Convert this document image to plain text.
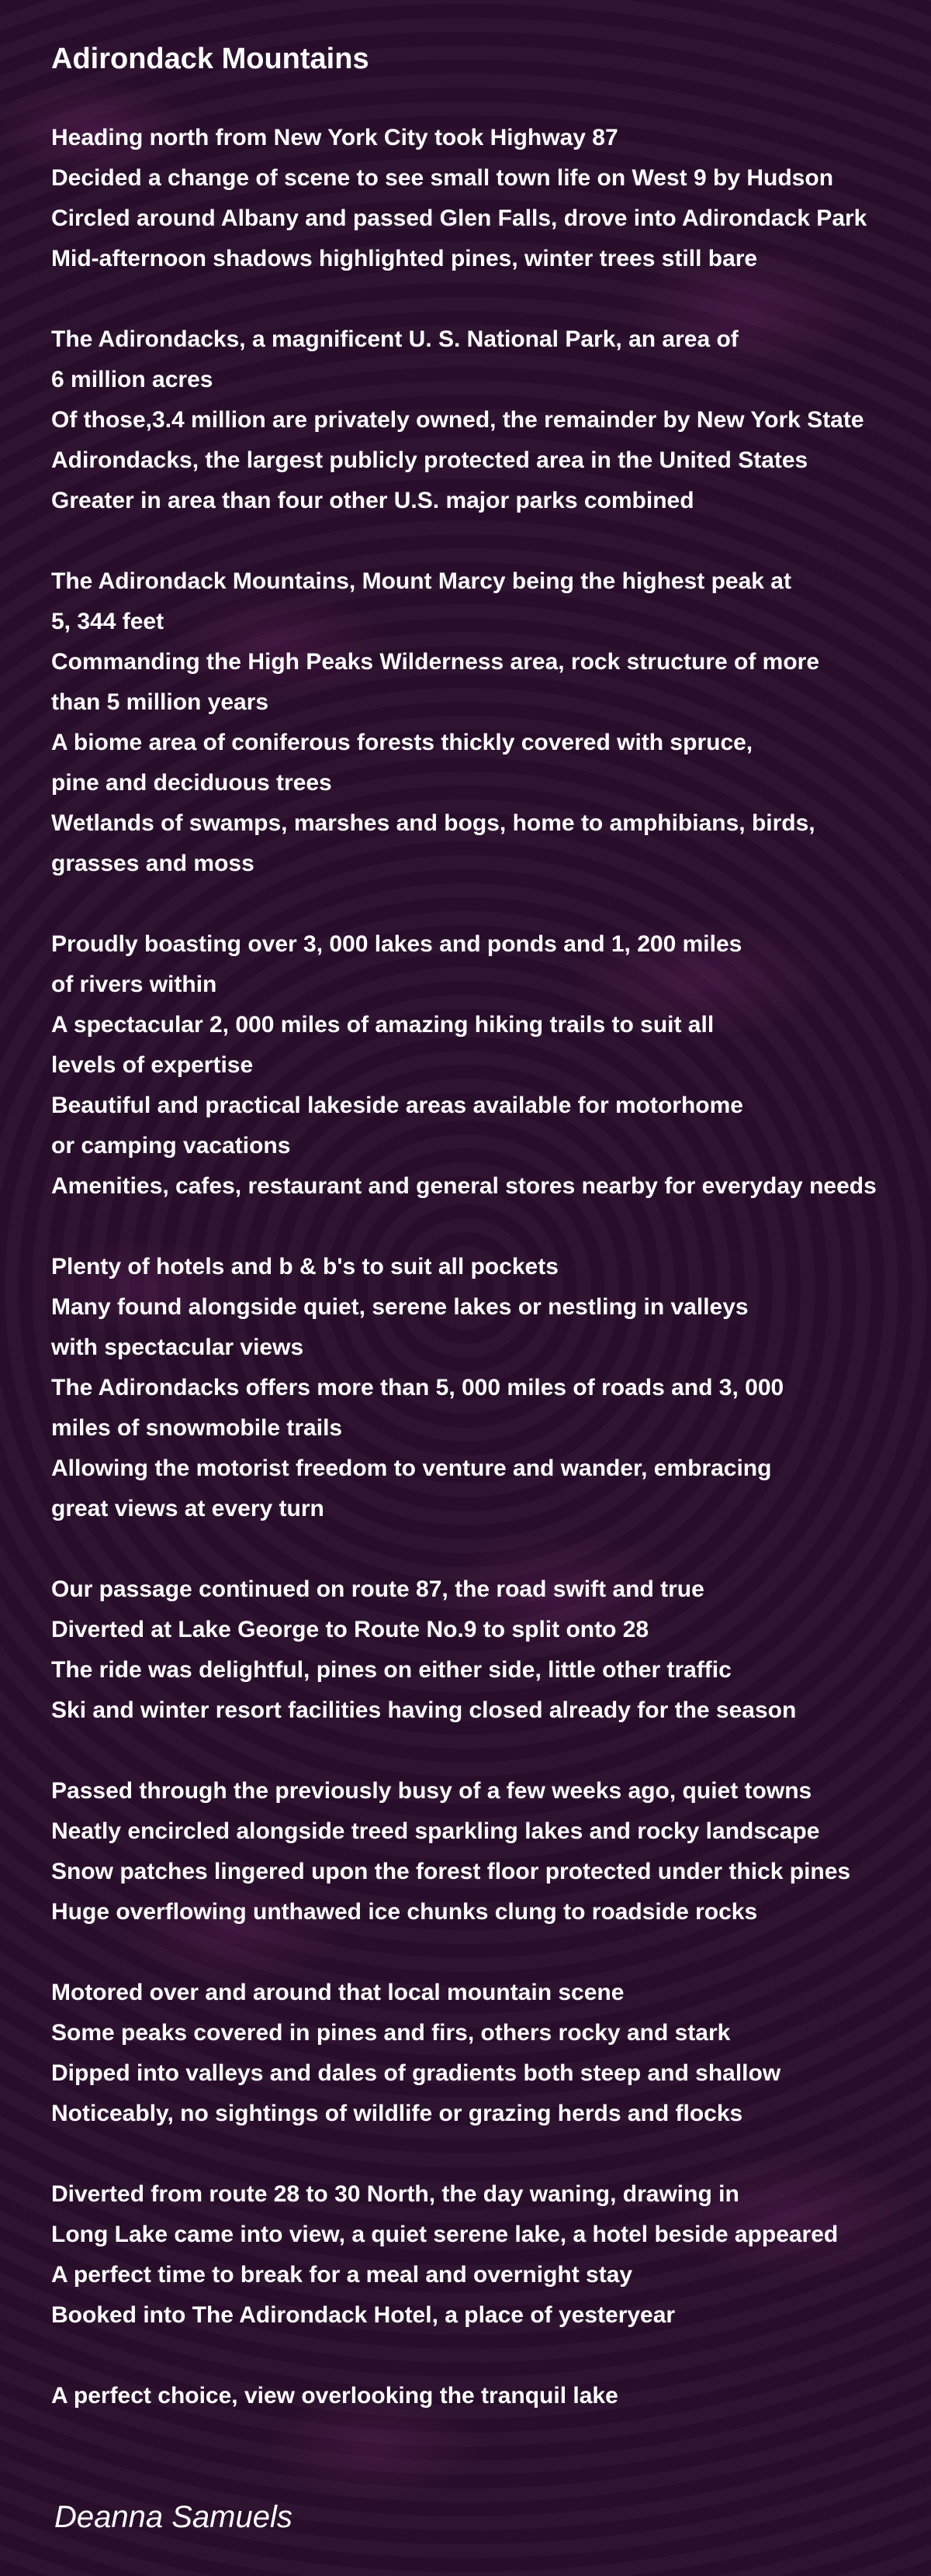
Adirondack Mountains
Heading north from New York City took Highway 87
Decided a change of scene to see small town life on West 9 by Hudson
Circled around Albany and passed Glen Falls, drove into Adirondack Park
Mid-afternoon shadows highlighted pines, winter trees still bare
The Adirondacks, a magnificent U. S. National Park, an area of
6 million acres
Of those,3.4 million are privately owned, the remainder by New York State
Adirondacks, the largest publicly protected area in the United States
Greater in area than four other U.S. major parks combined
The Adirondack Mountains, Mount Marcy being the highest peak at
5, 344 feet
Commanding the High Peaks Wilderness area, rock structure of more
than 5 million years
A biome area of coniferous forests thickly covered with spruce,
pine and deciduous trees
Wetlands of swamps, marshes and bogs, home to amphibians, birds,
grasses and moss
Proudly boasting over 3, 000 lakes and ponds and 1, 200 miles
of rivers within
A spectacular 2, 000 miles of amazing hiking trails to suit all
levels of expertise
Beautiful and practical lakeside areas available for motorhome
or camping vacations
Amenities, cafes, restaurant and general stores nearby for everyday needs
Plenty of hotels and b & b's to suit all pockets
Many found alongside quiet, serene lakes or nestling in valleys
with spectacular views
The Adirondacks offers more than 5, 000 miles of roads and 3, 000
miles of snowmobile trails
Allowing the motorist freedom to venture and wander, embracing
great views at every turn
Our passage continued on route 87, the road swift and true
Diverted at Lake George to Route No.9 to split onto 28
The ride was delightful, pines on either side, little other traffic
Ski and winter resort facilities having closed already for the season
Passed through the previously busy of a few weeks ago, quiet towns
Neatly encircled alongside treed sparkling lakes and rocky landscape
Snow patches lingered upon the forest floor protected under thick pines
Huge overflowing unthawed ice chunks clung to roadside rocks
Motored over and around that local mountain scene
Some peaks covered in pines and firs, others rocky and stark
Dipped into valleys and dales of gradients both steep and shallow
Noticeably, no sightings of wildlife or grazing herds and flocks
Diverted from route 28 to 30 North, the day waning, drawing in
Long Lake came into view, a quiet serene lake, a hotel beside appeared
A perfect time to break for a meal and overnight stay
Booked into The Adirondack Hotel, a place of yesteryear
A perfect choice, view overlooking the tranquil lake
Deanna Samuels
